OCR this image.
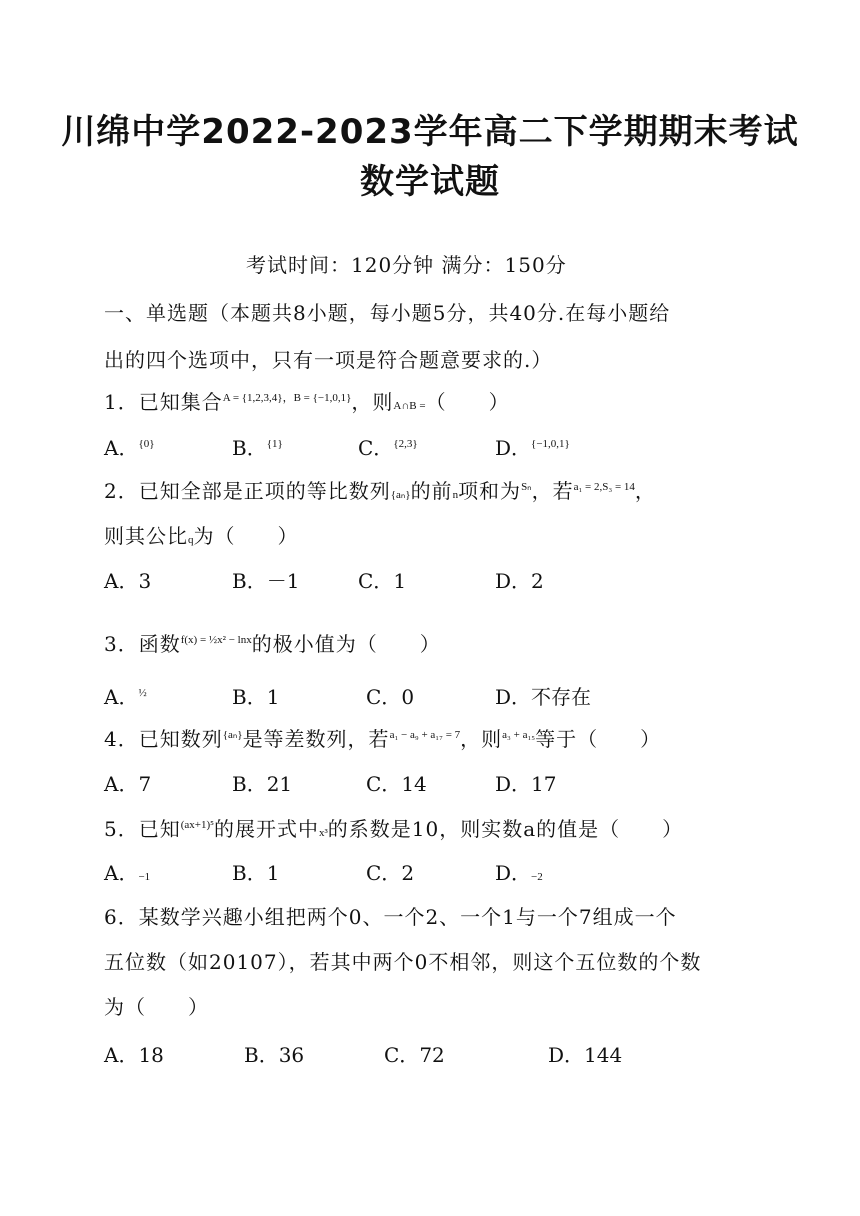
川绵中学2022-2023学年高二下学期期末考试
数学试题
考试时间：120分钟 满分：150分
一、单选题（本题共8小题，每小题5分，共40分.在每小题给
出的四个选项中，只有一项是符合题意要求的.）
1．已知集合$^{A = \{1,2,3,4\},B = \{-1,0,1\}}$，则A∩B =（　　）
A．$^{\{0\}}$	B．$^{\{1\}}$	C．$^{\{2,3\}}$	D．$^{\{-1,0,1\}}$
2．已知全部是正项的等比数列{aₙ}的前n项和为$^{S_n}$，若$^{a_1 = 2,S_3 = 14}$，
则其公比q为（　　）
A．3	B．－1	C．1	D．2
3．函数$^{f(x) = \frac{1}{2}x^2 - lnx}$的极小值为（　　）
A．$^{\frac{1}{2}}$	B．1	C．0	D．不存在
4．已知数列$^{\{a_n\}}$是等差数列，若$^{a_1 - a_9 + a_{17} = 7}$，则$^{a_3 + a_{15}}$等于（　　）
A．7	B．21	C．14	D．17
5．已知$^{(ax+1)^5}$的展开式中x³的系数是10，则实数a的值是（　　）
A．−1	B．1	C．2	D．−2
6．某数学兴趣小组把两个0、一个2、一个1与一个7组成一个
五位数（如20107），若其中两个0不相邻，则这个五位数的个数
为（　　）
A．18	B．36	C．72	D．144
